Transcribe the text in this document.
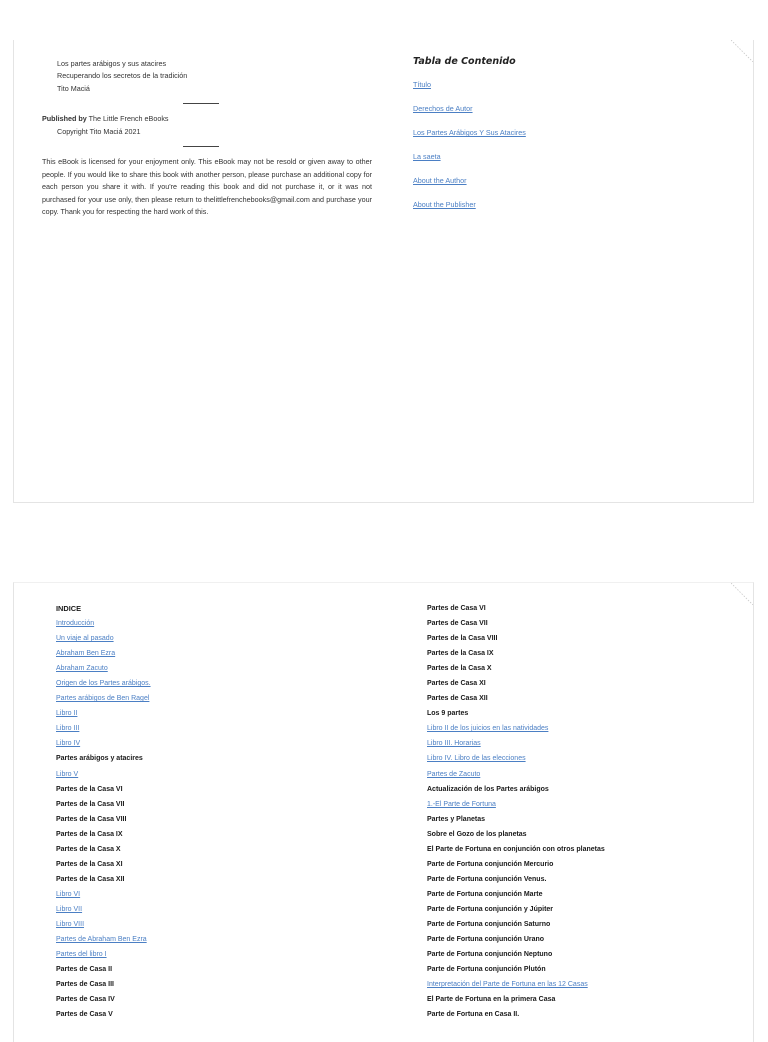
Los partes arábigos y sus atacires
Recuperando los secretos de la tradición
Tito Maciá
Published by The Little French eBooks
Copyright Tito Maciá 2021

This eBook is licensed for your enjoyment only. This eBook may not be resold or given away to other people. If you would like to share this book with another person, please purchase an additional copy for each person you share it with. If you're reading this book and did not purchase it, or it was not purchased for your use only, then please return to thelittlefrenchebooks@gmail.com and purchase your copy. Thank you for respecting the hard work of this.

Tabla de Contenido
Título
Derechos de Autor
Los Partes Arábigos Y Sus Atacires
La saeta
About the Author
About the Publisher
INDICE
Introducción
Un viaje al pasado
Abraham Ben Ezra
Abraham Zacuto
Origen de los Partes arábigos.
Partes arábigos de Ben Ragel
Libro II
Libro III
Libro IV
Partes arábigos y atacires
Libro V
Partes de la Casa VI
Partes de la Casa VII
Partes de la Casa VIII
Partes de la Casa IX
Partes de la Casa X
Partes de la Casa XI
Partes de la Casa XII
Libro VI
Libro VII
Libro VIII
Partes de Abraham Ben Ezra
Partes del libro I
Partes de Casa II
Partes de Casa III
Partes de Casa IV
Partes de Casa V
Partes de Casa VI
Partes de Casa VII
Partes de la Casa VIII
Partes de la Casa IX
Partes de la Casa X
Partes de Casa XI
Partes de Casa XII
Los 9 partes
Libro II de los juicios en las natividades
Libro III. Horarias
Libro IV. Libro de las elecciones
Partes de Zacuto
Actualización de los Partes arábigos
1.-El Parte de Fortuna
Partes y Planetas
Sobre el Gozo de los planetas
El Parte de Fortuna en conjunción con otros planetas
Parte de Fortuna conjunción Mercurio
Parte de Fortuna conjunción Venus.
Parte de Fortuna conjunción Marte
Parte de Fortuna conjunción y Júpiter
Parte de Fortuna conjunción Saturno
Parte de Fortuna conjunción Urano
Parte de Fortuna conjunción Neptuno
Parte de Fortuna conjunción Plutón
Interpretación del Parte de Fortuna en las 12 Casas
El Parte de Fortuna en la primera Casa
Parte de Fortuna en Casa II.
